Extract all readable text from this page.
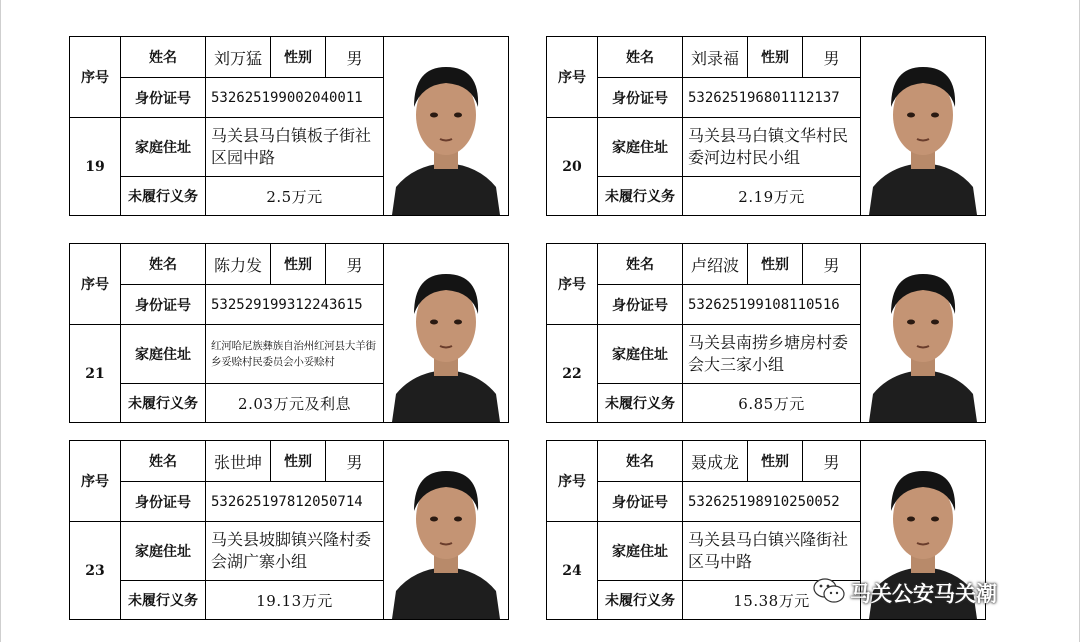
序号
19
姓名	刘万猛	性别	男
身份证号	532625199002040011
家庭住址
马关县马白镇板子街社区园中路
未履行义务	2.5万元
序号
20
姓名	刘录福	性别	男
身份证号	532625196801112137
家庭住址
马关县马白镇文华村民委河边村民小组
未履行义务	2.19万元
序号
21
姓名	陈力发	性别	男
身份证号	532529199312243615
家庭住址
红河哈尼族彝族自治州红河县大羊街乡妥赊村民委员会小妥赊村
未履行义务	2.03万元及利息
序号
22
姓名	卢绍波	性别	男
身份证号	532625199108110516
家庭住址
马关县南捞乡塘房村委会大三家小组
未履行义务	6.85万元
序号
23
姓名	张世坤	性别	男
身份证号	532625197812050714
家庭住址
马关县坡脚镇兴隆村委会湖广寨小组
未履行义务	19.13万元
序号
24
姓名	聂成龙	性别	男
身份证号	532625198910250052
家庭住址
马关县马白镇兴隆街社区马中路
未履行义务	15.38万元	马关公安马关潮
